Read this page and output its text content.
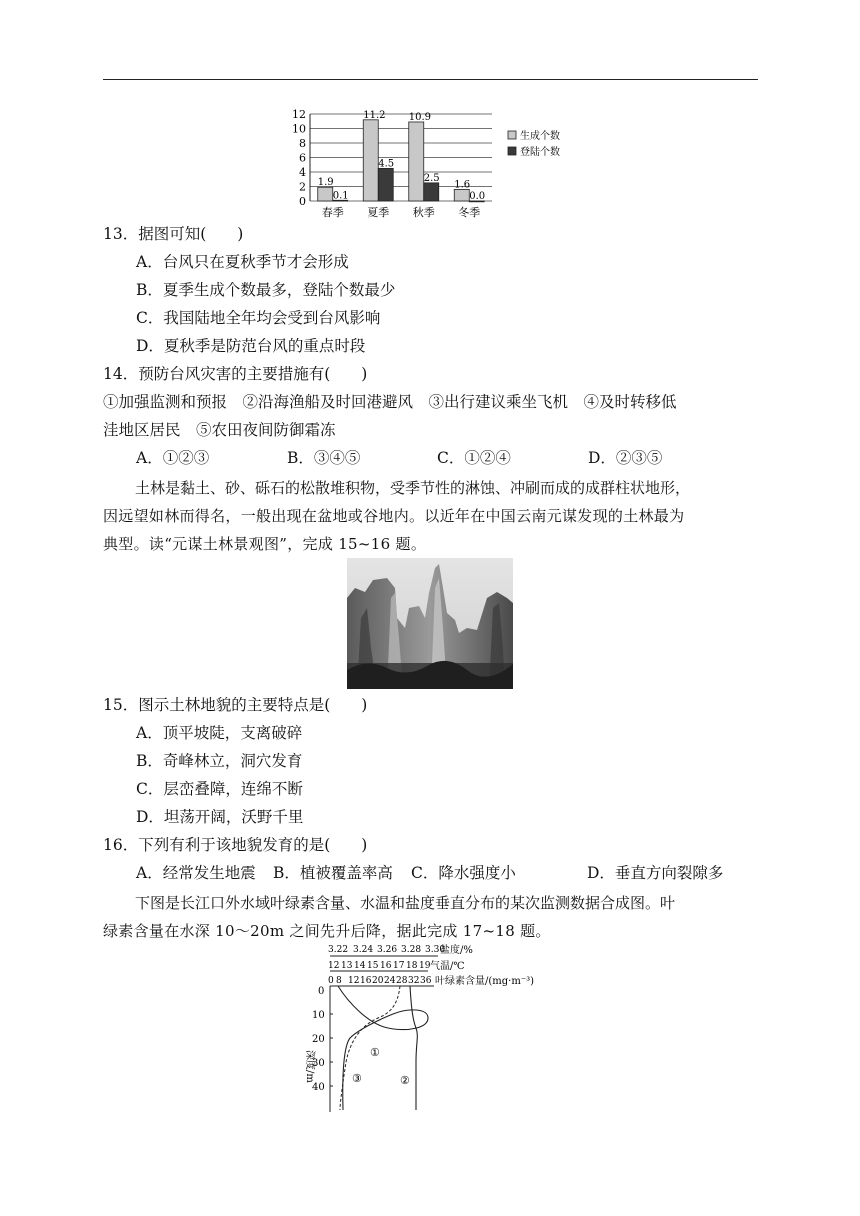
0
2
4
6
8
10
12
1.9
0.1
11.2
4.5
10.9
2.5
1.6
0.0
春季 夏季 秋季 冬季
生成个数
登陆个数
13．据图可知(　　)
A．台风只在夏秋季节才会形成
B．夏季生成个数最多，登陆个数最少
C．我国陆地全年均会受到台风影响
D．夏秋季是防范台风的重点时段
14．预防台风灾害的主要措施有(　　)
①加强监测和预报　②沿海渔船及时回港避风　③出行建议乘坐飞机　④及时转移低
洼地区居民　⑤农田夜间防御霜冻
A．①②③	B．③④⑤	C．①②④	D．②③⑤
土林是黏土、砂、砾石的松散堆积物，受季节性的淋蚀、冲刷而成的成群柱状地形，
因远望如林而得名，一般出现在盆地或谷地内。以近年在中国云南元谋发现的土林最为
典型。读“元谋土林景观图”，完成 15~16 题。
15．图示土林地貌的主要特点是(　　)
A．顶平坡陡，支离破碎
B．奇峰林立，洞穴发育
C．层峦叠障，连绵不断
D．坦荡开阔，沃野千里
16．下列有利于该地貌发育的是(　　)
A．经常发生地震 B．植被覆盖率高 C．降水强度小	D．垂直方向裂隙多
下图是长江口外水域叶绿素含量、水温和盐度垂直分布的某次监测数据合成图。叶
绿素含量在水深 10～20m 之间先升后降，据此完成 17~18 题。
3.22 3.24 3.26 3.28 3.30
盐度/%
12 13 14 15 16 17 18 19 气温/℃
0 8 12 16 20 24 28 32 36 叶绿素含量/(mg·m⁻³)
0
10
20
30
40
深度/m	①
②
③
